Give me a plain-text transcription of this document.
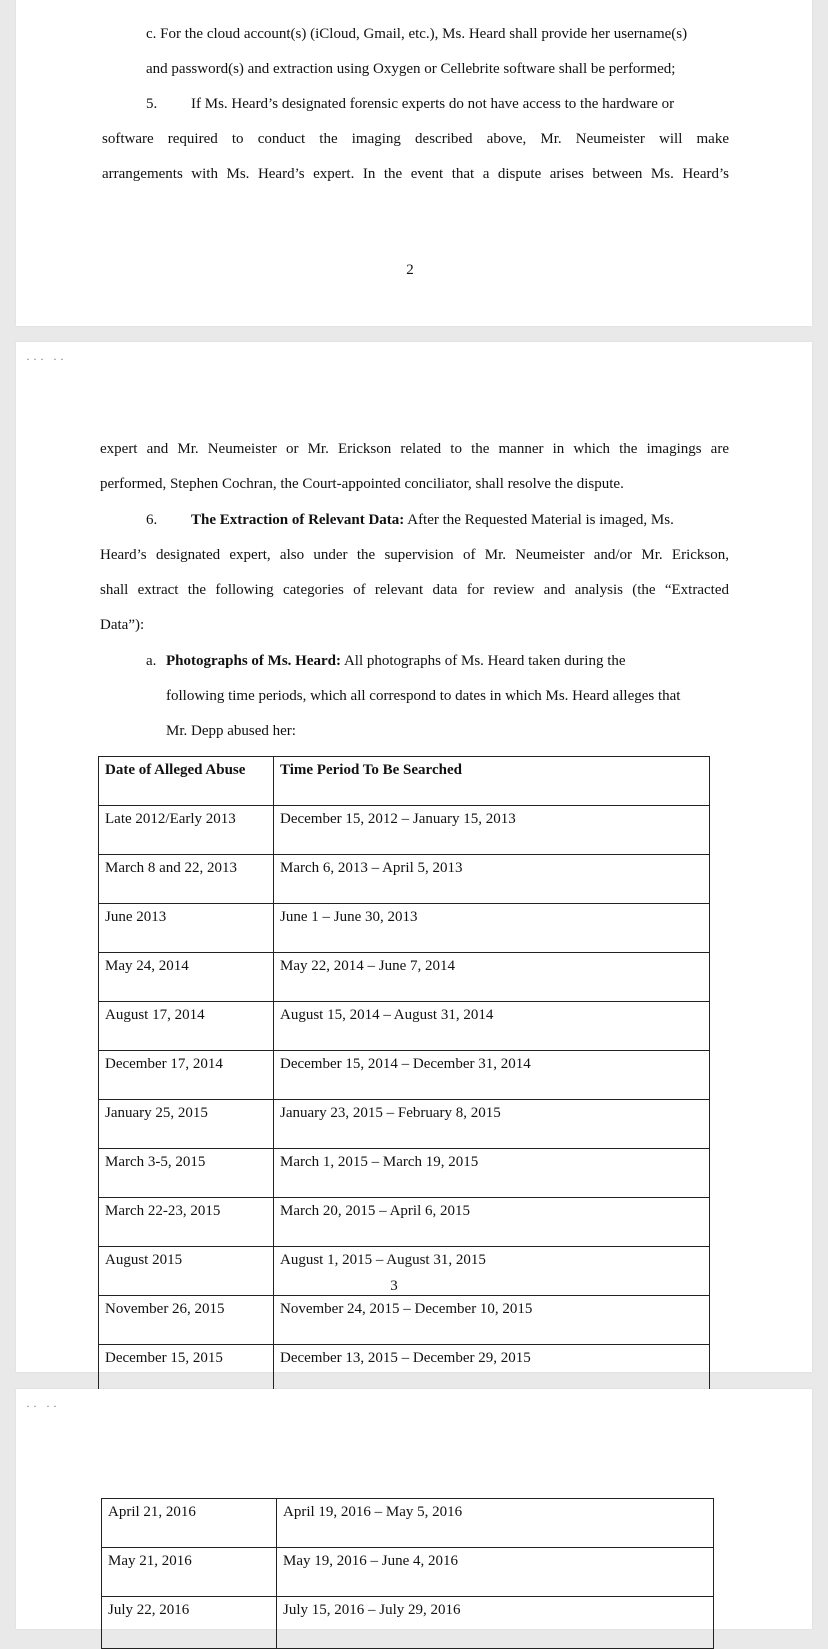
c. For the cloud account(s) (iCloud, Gmail, etc.), Ms. Heard shall provide her username(s)
and password(s) and extraction using Oxygen or Cellebrite software shall be performed;
5. If Ms. Heard’s designated forensic experts do not have access to the hardware or
software required to conduct the imaging described above, Mr. Neumeister will make
arrangements with Ms. Heard’s expert. In the event that a dispute arises between Ms. Heard’s
2
··· ··
expert and Mr. Neumeister or Mr. Erickson related to the manner in which the imagings are
performed, Stephen Cochran, the Court-appointed conciliator, shall resolve the dispute.
6. The Extraction of Relevant Data: After the Requested Material is imaged, Ms.
Heard’s designated expert, also under the supervision of Mr. Neumeister and/or Mr. Erickson,
shall extract the following categories of relevant data for review and analysis (the “Extracted
Data”):
a. Photographs of Ms. Heard: All photographs of Ms. Heard taken during the
following time periods, which all correspond to dates in which Ms. Heard alleges that
Mr. Depp abused her:
Date of Alleged Abuse	Time Period To Be Searched
Late 2012/Early 2013	December 15, 2012 – January 15, 2013
March 8 and 22, 2013	March 6, 2013 – April 5, 2013
June 2013	June 1 – June 30, 2013
May 24, 2014	May 22, 2014 – June 7, 2014
August 17, 2014	August 15, 2014 – August 31, 2014
December 17, 2014	December 15, 2014 – December 31, 2014
January 25, 2015	January 23, 2015 – February 8, 2015
March 3-5, 2015	March 1, 2015 – March 19, 2015
March 22-23, 2015	March 20, 2015 – April 6, 2015
August 2015	August 1, 2015 – August 31, 2015
November 26, 2015	November 24, 2015 – December 10, 2015
December 15, 2015	December 13, 2015 – December 29, 2015

3
·· ··
April 21, 2016	April 19, 2016 – May 5, 2016
May 21, 2016	May 19, 2016 – June 4, 2016
July 22, 2016	July 15, 2016 – July 29, 2016
